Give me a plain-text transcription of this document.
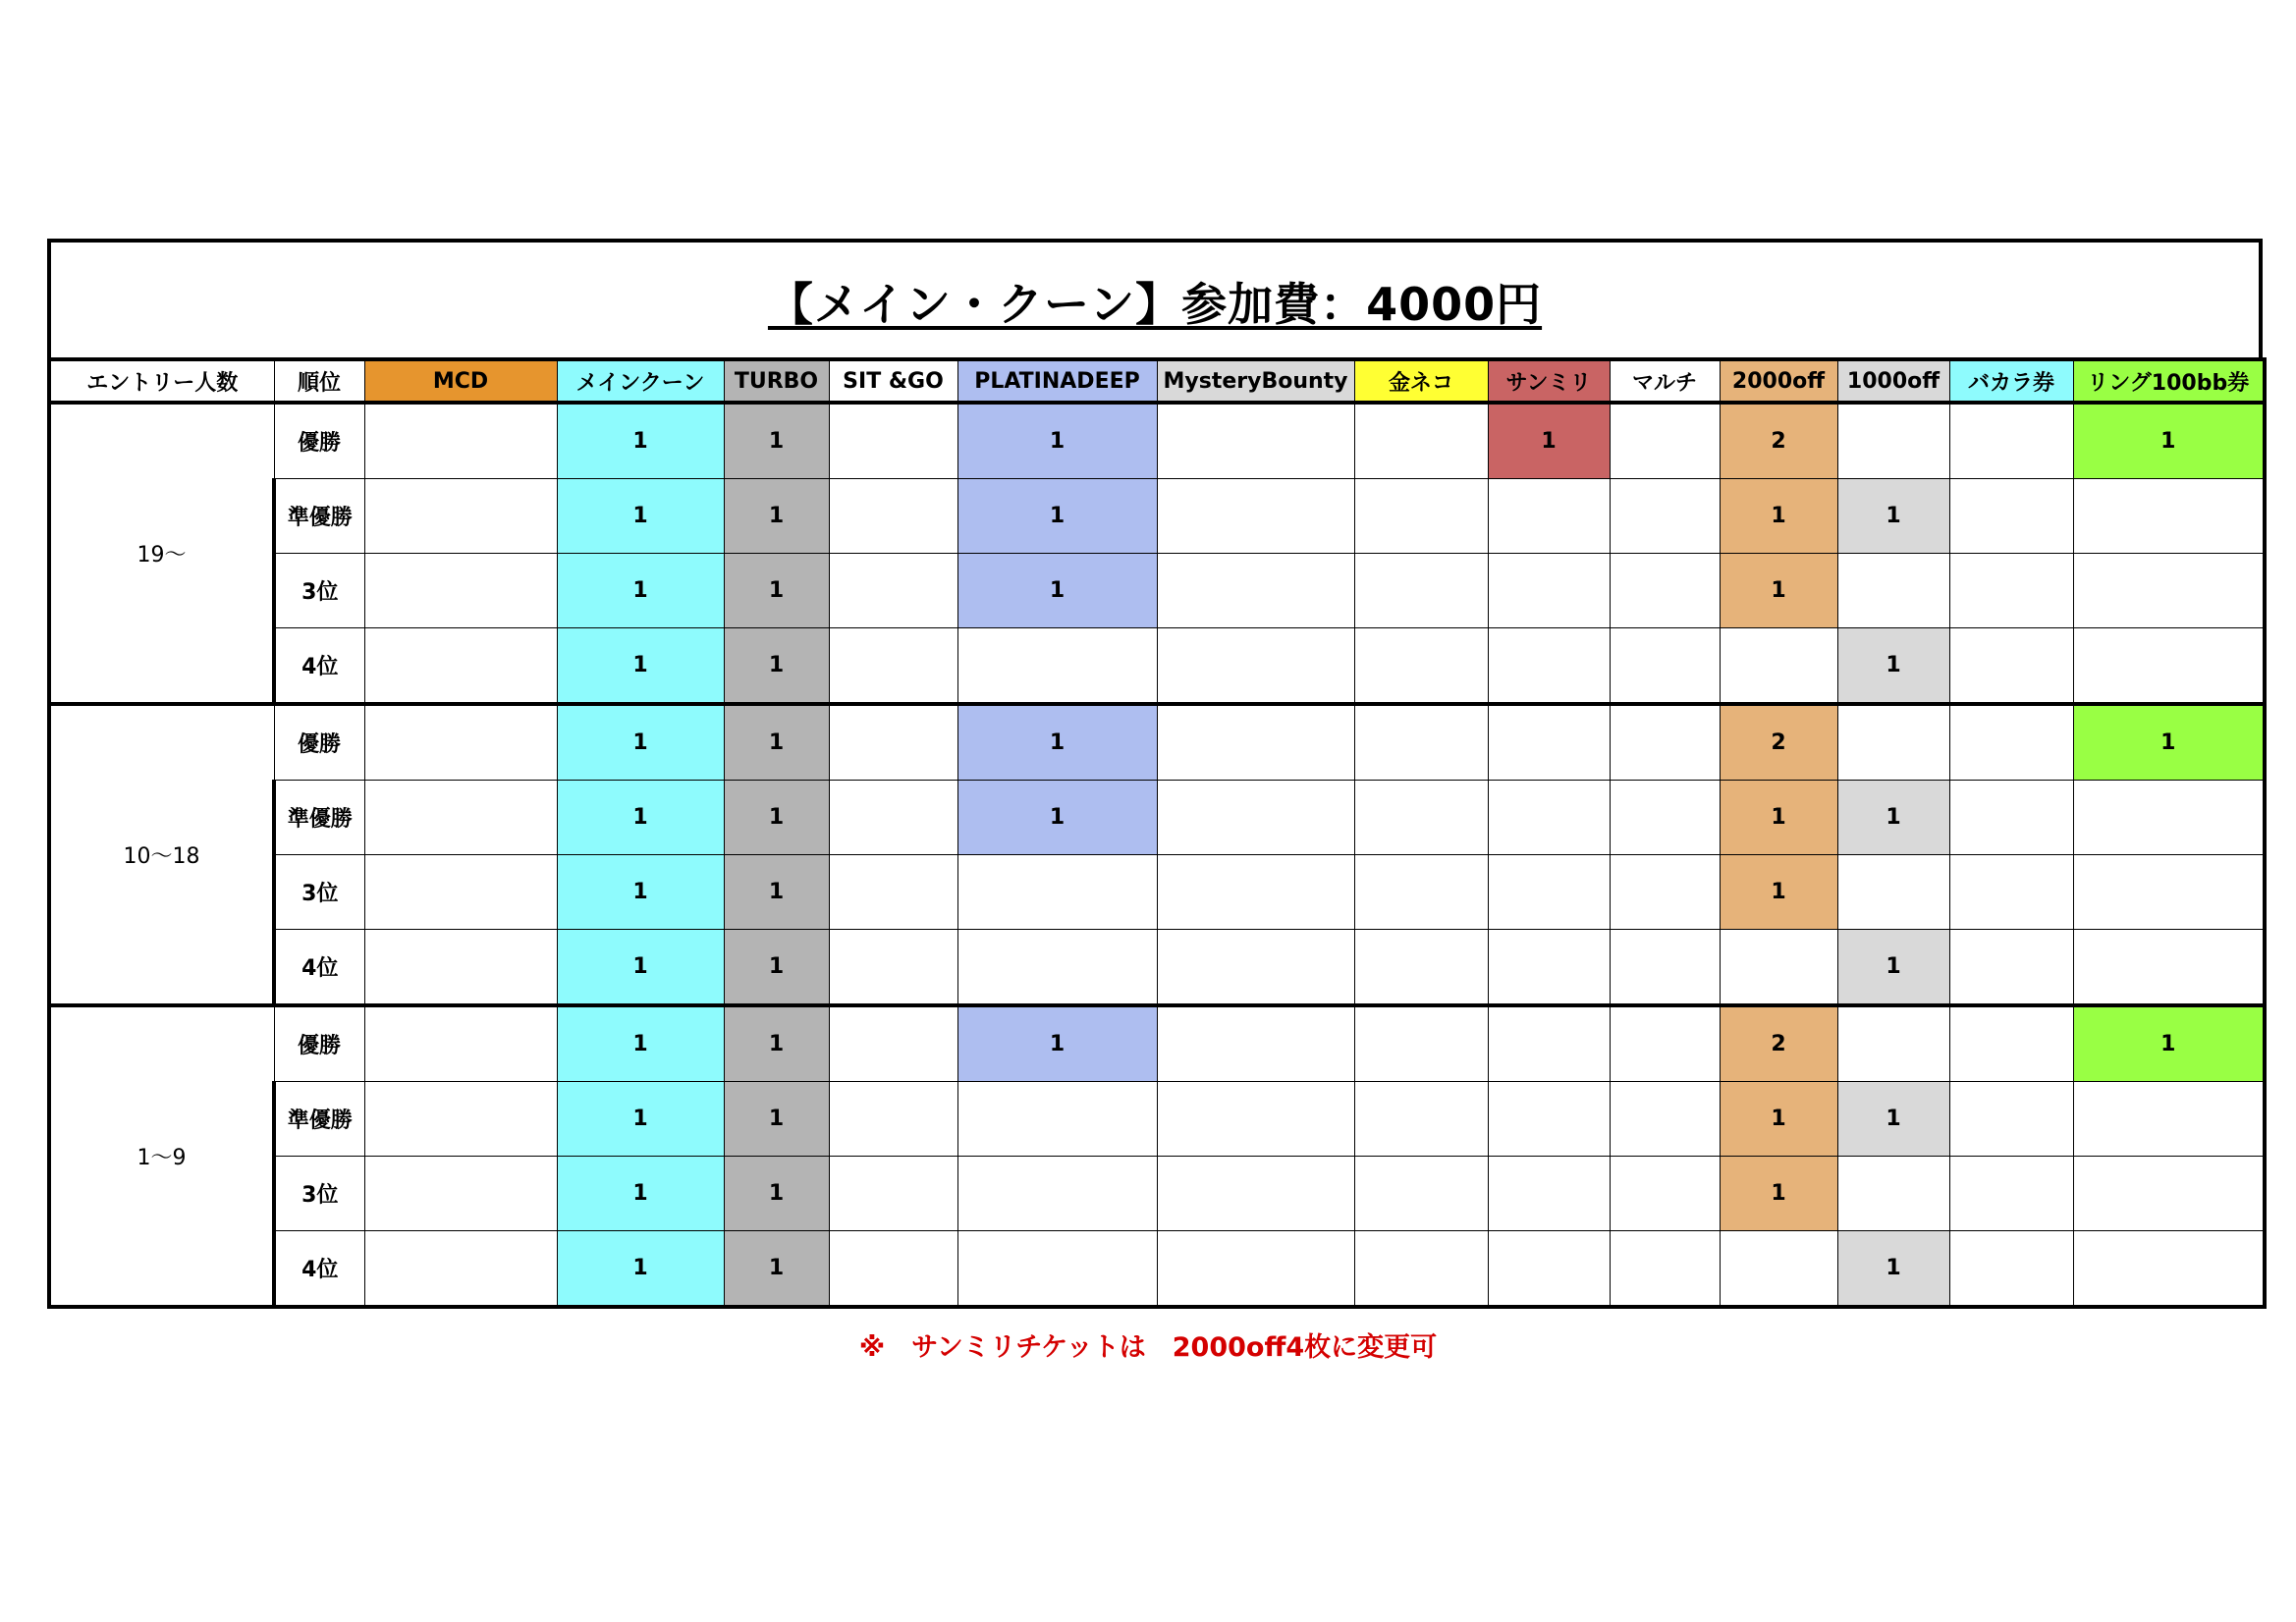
【メイン・クーン】参加費：4000円
エントリー人数	順位	MCD	メインクーン	TURBO	SIT &GO	PLATINADEEP	MysteryBounty	金ネコ	サンミリ	マルチ	2000off	1000off	バカラ券	リング100bb券
19～	優勝		1	1		1			1		2			1
	準優勝		1	1		1					1	1		
	3位		1	1		1					1			
	4位		1	1								1		
10～18	優勝		1	1		1					2			1
	準優勝		1	1		1					1	1		
	3位		1	1							1			
	4位		1	1								1		
1～9	優勝		1	1		1					2			1
	準優勝		1	1							1	1		
	3位		1	1							1			
	4位		1	1								1		
※　サンミリチケットは　2000off4枚に変更可
